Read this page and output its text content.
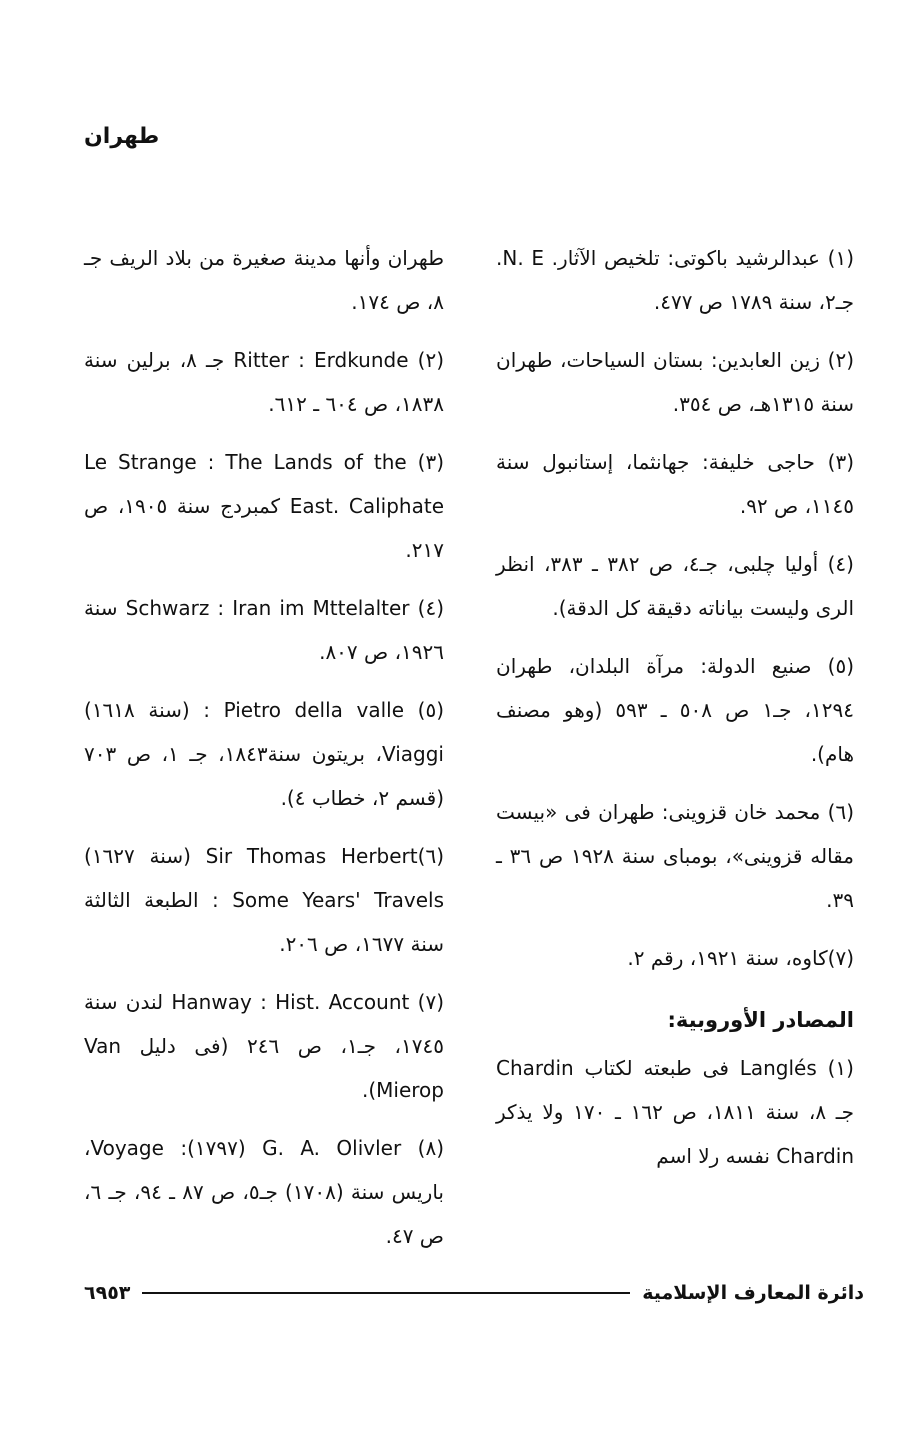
طهران

(١) عبدالرشيد باكوتى: تلخيص الآثار. N. E. جـ٢، سنة ١٧٨٩ ص ٤٧٧.

(٢) زين العابدين: بستان السياحات، طهران سنة ١٣١٥هـ، ص ٣٥٤.

(٣) حاجى خليفة: جهانثما، إستانبول سنة ١١٤٥، ص ٩٢.

(٤) أوليا چلبى، جـ٤، ص ٣٨٢ ـ ٣٨٣، انظر الرى وليست بياناته دقيقة كل الدقة).

(٥) صنيع الدولة: مرآة البلدان، طهران ١٢٩٤، جـ١ ص ٥٠٨ ـ ٥٩٣ (وهو مصنف هام).

(٦) محمد خان قزوينى: طهران فى «بيست مقاله قزوينى»، بومباى سنة ١٩٢٨ ص ٣٦ ـ ٣٩.

(٧)كاوه، سنة ١٩٢١، رقم ٢.

المصادر الأوروبية:

(١) Langlés فى طبعته لكتاب Chardin جـ ٨، سنة ١٨١١، ص ١٦٢ ـ ١٧٠ ولا يذكر Chardin نفسه رلا اسم

طهران وأنها مدينة صغيرة من بلاد الريف جـ ٨، ص ١٧٤.

(٢) Ritter : Erdkunde جـ ٨، برلين سنة ١٨٣٨، ص ٦٠٤ ـ ٦١٢.

(٣) Le Strange : The Lands of the East. Caliphate كمبردج سنة ١٩٠٥، ص ٢١٧.

(٤) Schwarz : Iran im Mttelalter سنة ١٩٢٦، ص ٨٠٧.

(٥) Pietro della valle : (سنة ١٦١٨) Viaggi، بريتون سنة١٨٤٣، جـ ١، ص ٧٠٣ (قسم ٢، خطاب ٤).

(٦)Sir Thomas Herbert (سنة ١٦٢٧) Some Years' Travels : الطبعة الثالثة سنة ١٦٧٧، ص ٢٠٦.

(٧) Hanway : Hist. Account لندن سنة ١٧٤٥، جـ١، ص ٢٤٦ (فى دليل Van Mierop).

(٨) G. A. Olivler (١٧٩٧): Voyage، باريس سنة (١٧٠٨) جـ٥، ص ٨٧ ـ ٩٤، جـ ٦، ص ٤٧.

دائرة المعارف الإسلامية
٦٩٥٣
